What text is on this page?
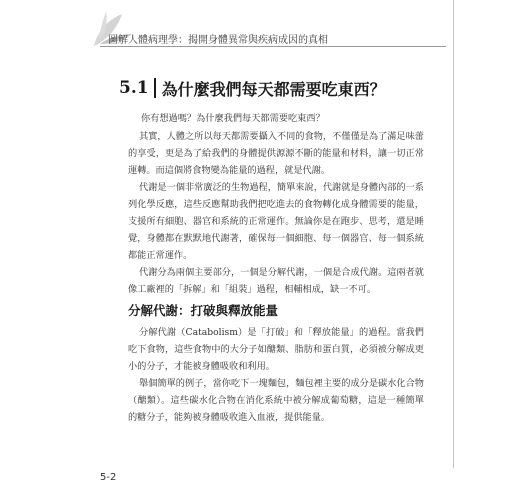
圖解人體病理學：揭開身體異常與疾病成因的真相
5.1 為什麼我們每天都需要吃東西？
你有想過嗎？為什麼我們每天都需要吃東西？

其實，人體之所以每天都需要攝入不同的食物，不僅僅是為了滿足味蕾的享受，更是為了給我們的身體提供源源不斷的能量和材料，讓一切正常運轉。而這個將食物變為能量的過程，就是代謝。

代謝是一個非常廣泛的生物過程，簡單來說，代謝就是身體內部的一系列化學反應，這些反應幫助我們把吃進去的食物轉化成身體需要的能量，支援所有細胞、器官和系統的正常運作。無論你是在跑步、思考，還是睡覺，身體都在默默地代謝著，確保每一個細胞、每一個器官、每一個系統都能正常運作。

代謝分為兩個主要部分，一個是分解代謝，一個是合成代謝。這兩者就像工廠裡的「拆解」和「組裝」過程，相輔相成，缺一不可。

分解代謝：打破與釋放能量

分解代謝（Catabolism）是「打破」和「釋放能量」的過程。當我們吃下食物，這些食物中的大分子如醣類、脂肪和蛋白質，必須被分解成更小的分子，才能被身體吸收和利用。

舉個簡單的例子，當你吃下一塊麵包，麵包裡主要的成分是碳水化合物（醣類）。這些碳水化合物在消化系統中被分解成葡萄糖，這是一種簡單的糖分子，能夠被身體吸收進入血液，提供能量。

5-2
